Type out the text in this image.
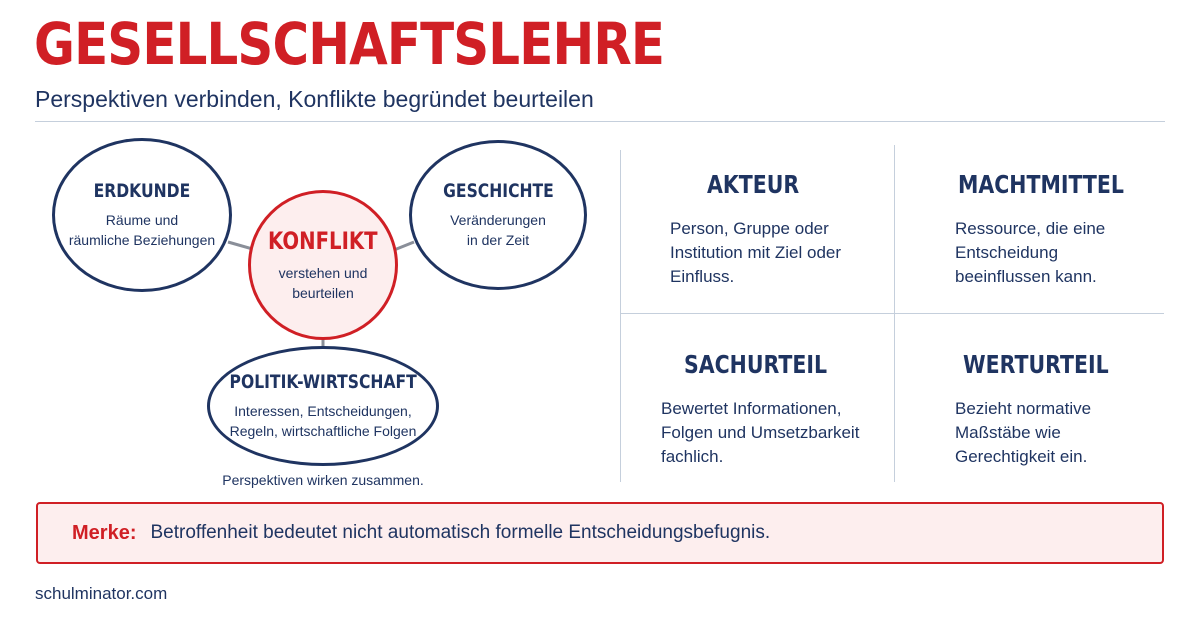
GESELLSCHAFTSLEHRE
Perspektiven verbinden, Konflikte begründet beurteilen
ERDKUNDE
Räume und
räumliche Beziehungen
GESCHICHTE
Veränderungen
in der Zeit
KONFLIKT
verstehen und
beurteilen
POLITIK-WIRTSCHAFT
Interessen, Entscheidungen,
Regeln, wirtschaftliche Folgen
Perspektiven wirken zusammen.
AKTEUR
Person, Gruppe oder
Institution mit Ziel oder
Einfluss.
MACHTMITTEL
Ressource, die eine
Entscheidung
beeinflussen kann.
SACHURTEIL
Bewertet Informationen,
Folgen und Umsetzbarkeit
fachlich.
WERTURTEIL
Bezieht normative
Maßstäbe wie
Gerechtigkeit ein.
Merke: Betroffenheit bedeutet nicht automatisch formelle Entscheidungsbefugnis.
schulminator.com
